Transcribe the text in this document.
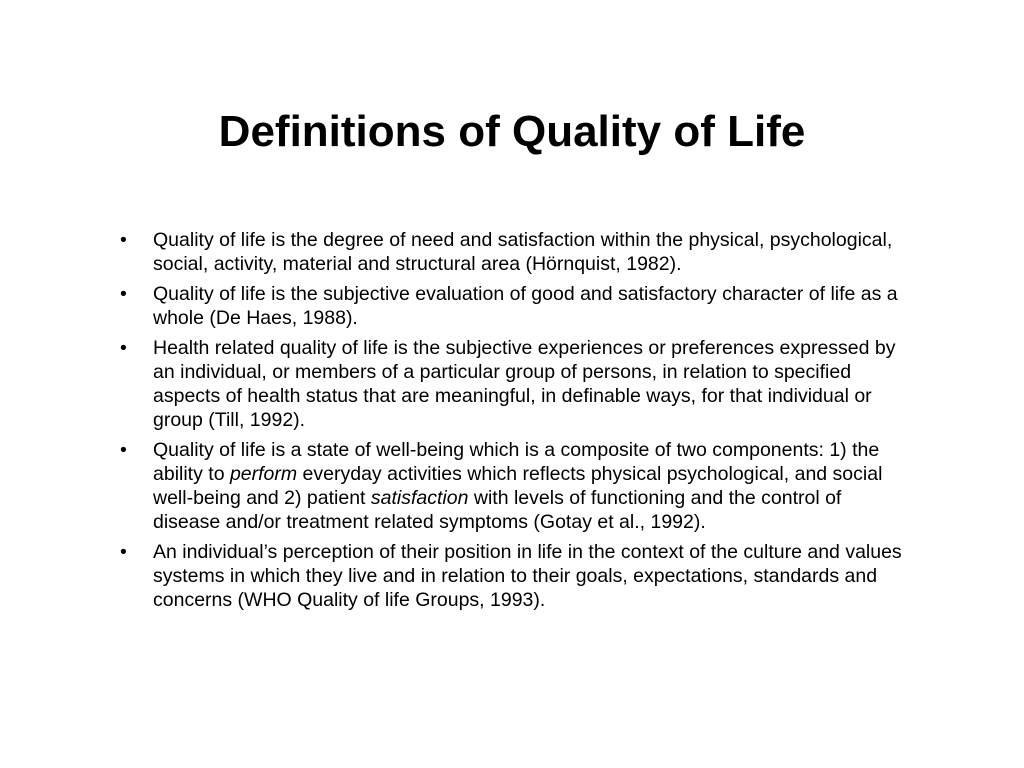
Definitions of Quality of Life
•	Quality of life is the degree of need and satisfaction within the physical, psychological, social, activity, material and structural area (Hörnquist, 1982).
•	Quality of life is the subjective evaluation of good and satisfactory character of life as a whole (De Haes, 1988).
•	Health related quality of life is the subjective experiences or preferences expressed by an individual, or members of a particular group of persons, in relation to specified aspects of health status that are meaningful, in definable ways, for that individual or group (Till, 1992).
•	Quality of life is a state of well-being which is a composite of two components: 1) the ability to perform everyday activities which reflects physical psychological, and social well-being and 2) patient satisfaction with levels of functioning and the control of disease and/or treatment related symptoms (Gotay et al., 1992).
•	An individual’s perception of their position in life in the context of the culture and values systems in which they live and in relation to their goals, expectations, standards and concerns (WHO Quality of life Groups, 1993).
